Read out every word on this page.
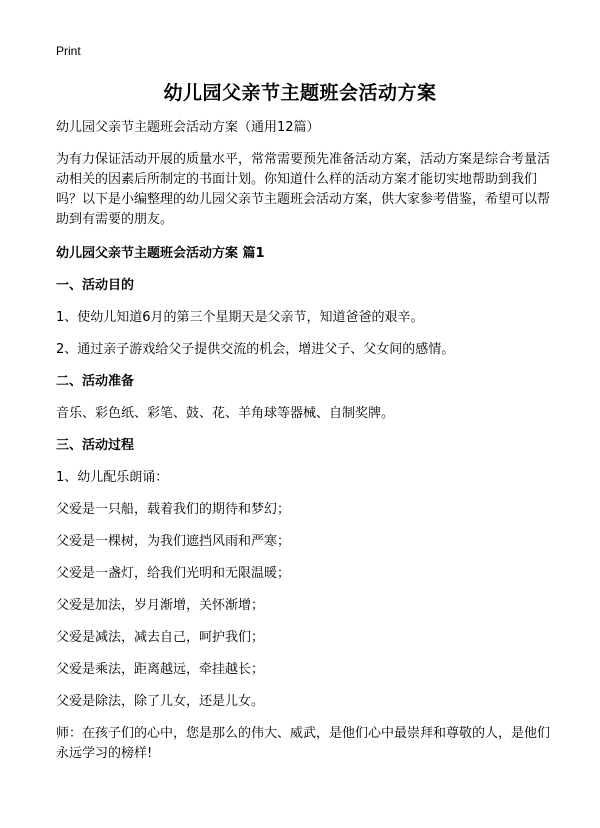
Print
幼儿园父亲节主题班会活动方案

幼儿园父亲节主题班会活动方案（通用12篇）

为有力保证活动开展的质量水平，常常需要预先准备活动方案，活动方案是综合考量活动相关的因素后所制定的书面计划。你知道什么样的活动方案才能切实地帮助到我们吗？以下是小编整理的幼儿园父亲节主题班会活动方案，供大家参考借鉴，希望可以帮助到有需要的朋友。

幼儿园父亲节主题班会活动方案 篇1

一、活动目的

1、使幼儿知道6月的第三个星期天是父亲节，知道爸爸的艰辛。

2、通过亲子游戏给父子提供交流的机会，增进父子、父女间的感情。

二、活动准备

音乐、彩色纸、彩笔、鼓、花、羊角球等器械、自制奖牌。

三、活动过程

1、幼儿配乐朗诵：

父爱是一只船，载着我们的期待和梦幻；

父爱是一棵树，为我们遮挡风雨和严寒；

父爱是一盏灯，给我们光明和无限温暖；

父爱是加法，岁月渐增，关怀渐增；

父爱是减法，减去自己，呵护我们；

父爱是乘法，距离越远，牵挂越长；

父爱是除法，除了儿女，还是儿女。

师：在孩子们的心中，您是那么的伟大、威武，是他们心中最崇拜和尊敬的人，是他们永远学习的榜样!
